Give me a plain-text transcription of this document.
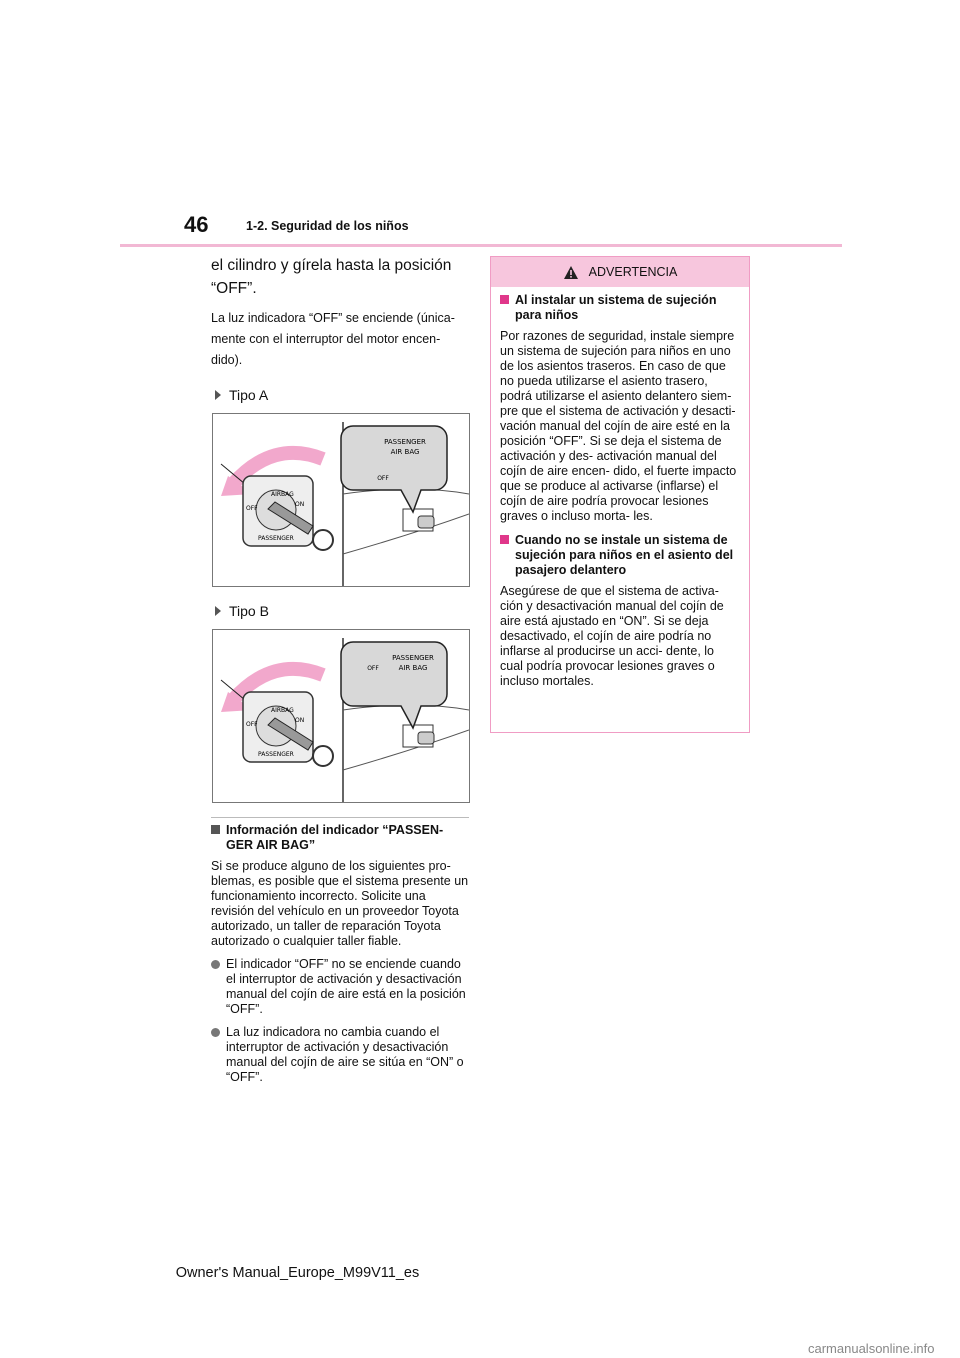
46	1-2. Seguridad de los niños

el cilindro y gírela hasta la posición “OFF”.

La luz indicadora “OFF” se enciende (única- mente con el interruptor del motor encen- dido).

Tipo A
PASSENGER
AIR BAG
OFF
AIRBAG
OFF
ON
PASSENGER
Tipo B
PASSENGER
AIR BAG
OFF
AIRBAG
OFF
ON
PASSENGER
Información del indicador “PASSEN- GER AIR BAG”

Si se produce alguno de los siguientes pro- blemas, es posible que el sistema presente un funcionamiento incorrecto. Solicite una revisión del vehículo en un proveedor Toyota autorizado, un taller de reparación Toyota autorizado o cualquier taller fiable.

El indicador “OFF” no se enciende cuando el interruptor de activación y desactivación manual del cojín de aire está en la posición “OFF”.
La luz indicadora no cambia cuando el interruptor de activación y desactivación manual del cojín de aire se sitúa en “ON” o “OFF”.
ADVERTENCIA
Al instalar un sistema de sujeción para niños

Por razones de seguridad, instale siempre un sistema de sujeción para niños en uno de los asientos traseros. En caso de que no pueda utilizarse el asiento trasero, podrá utilizarse el asiento delantero siem- pre que el sistema de activación y desacti- vación manual del cojín de aire esté en la posición “OFF”. Si se deja el sistema de activación y des- activación manual del cojín de aire encen- dido, el fuerte impacto que se produce al activarse (inflarse) el cojín de aire podría provocar lesiones graves o incluso morta- les.

Cuando no se instale un sistema de sujeción para niños en el asiento del pasajero delantero

Asegúrese de que el sistema de activa- ción y desactivación manual del cojín de aire está ajustado en “ON”. Si se deja desactivado, el cojín de aire podría no inflarse al producirse un acci- dente, lo cual podría provocar lesiones graves o incluso mortales.

Owner's Manual_Europe_M99V11_es
carmanualsonline.info
